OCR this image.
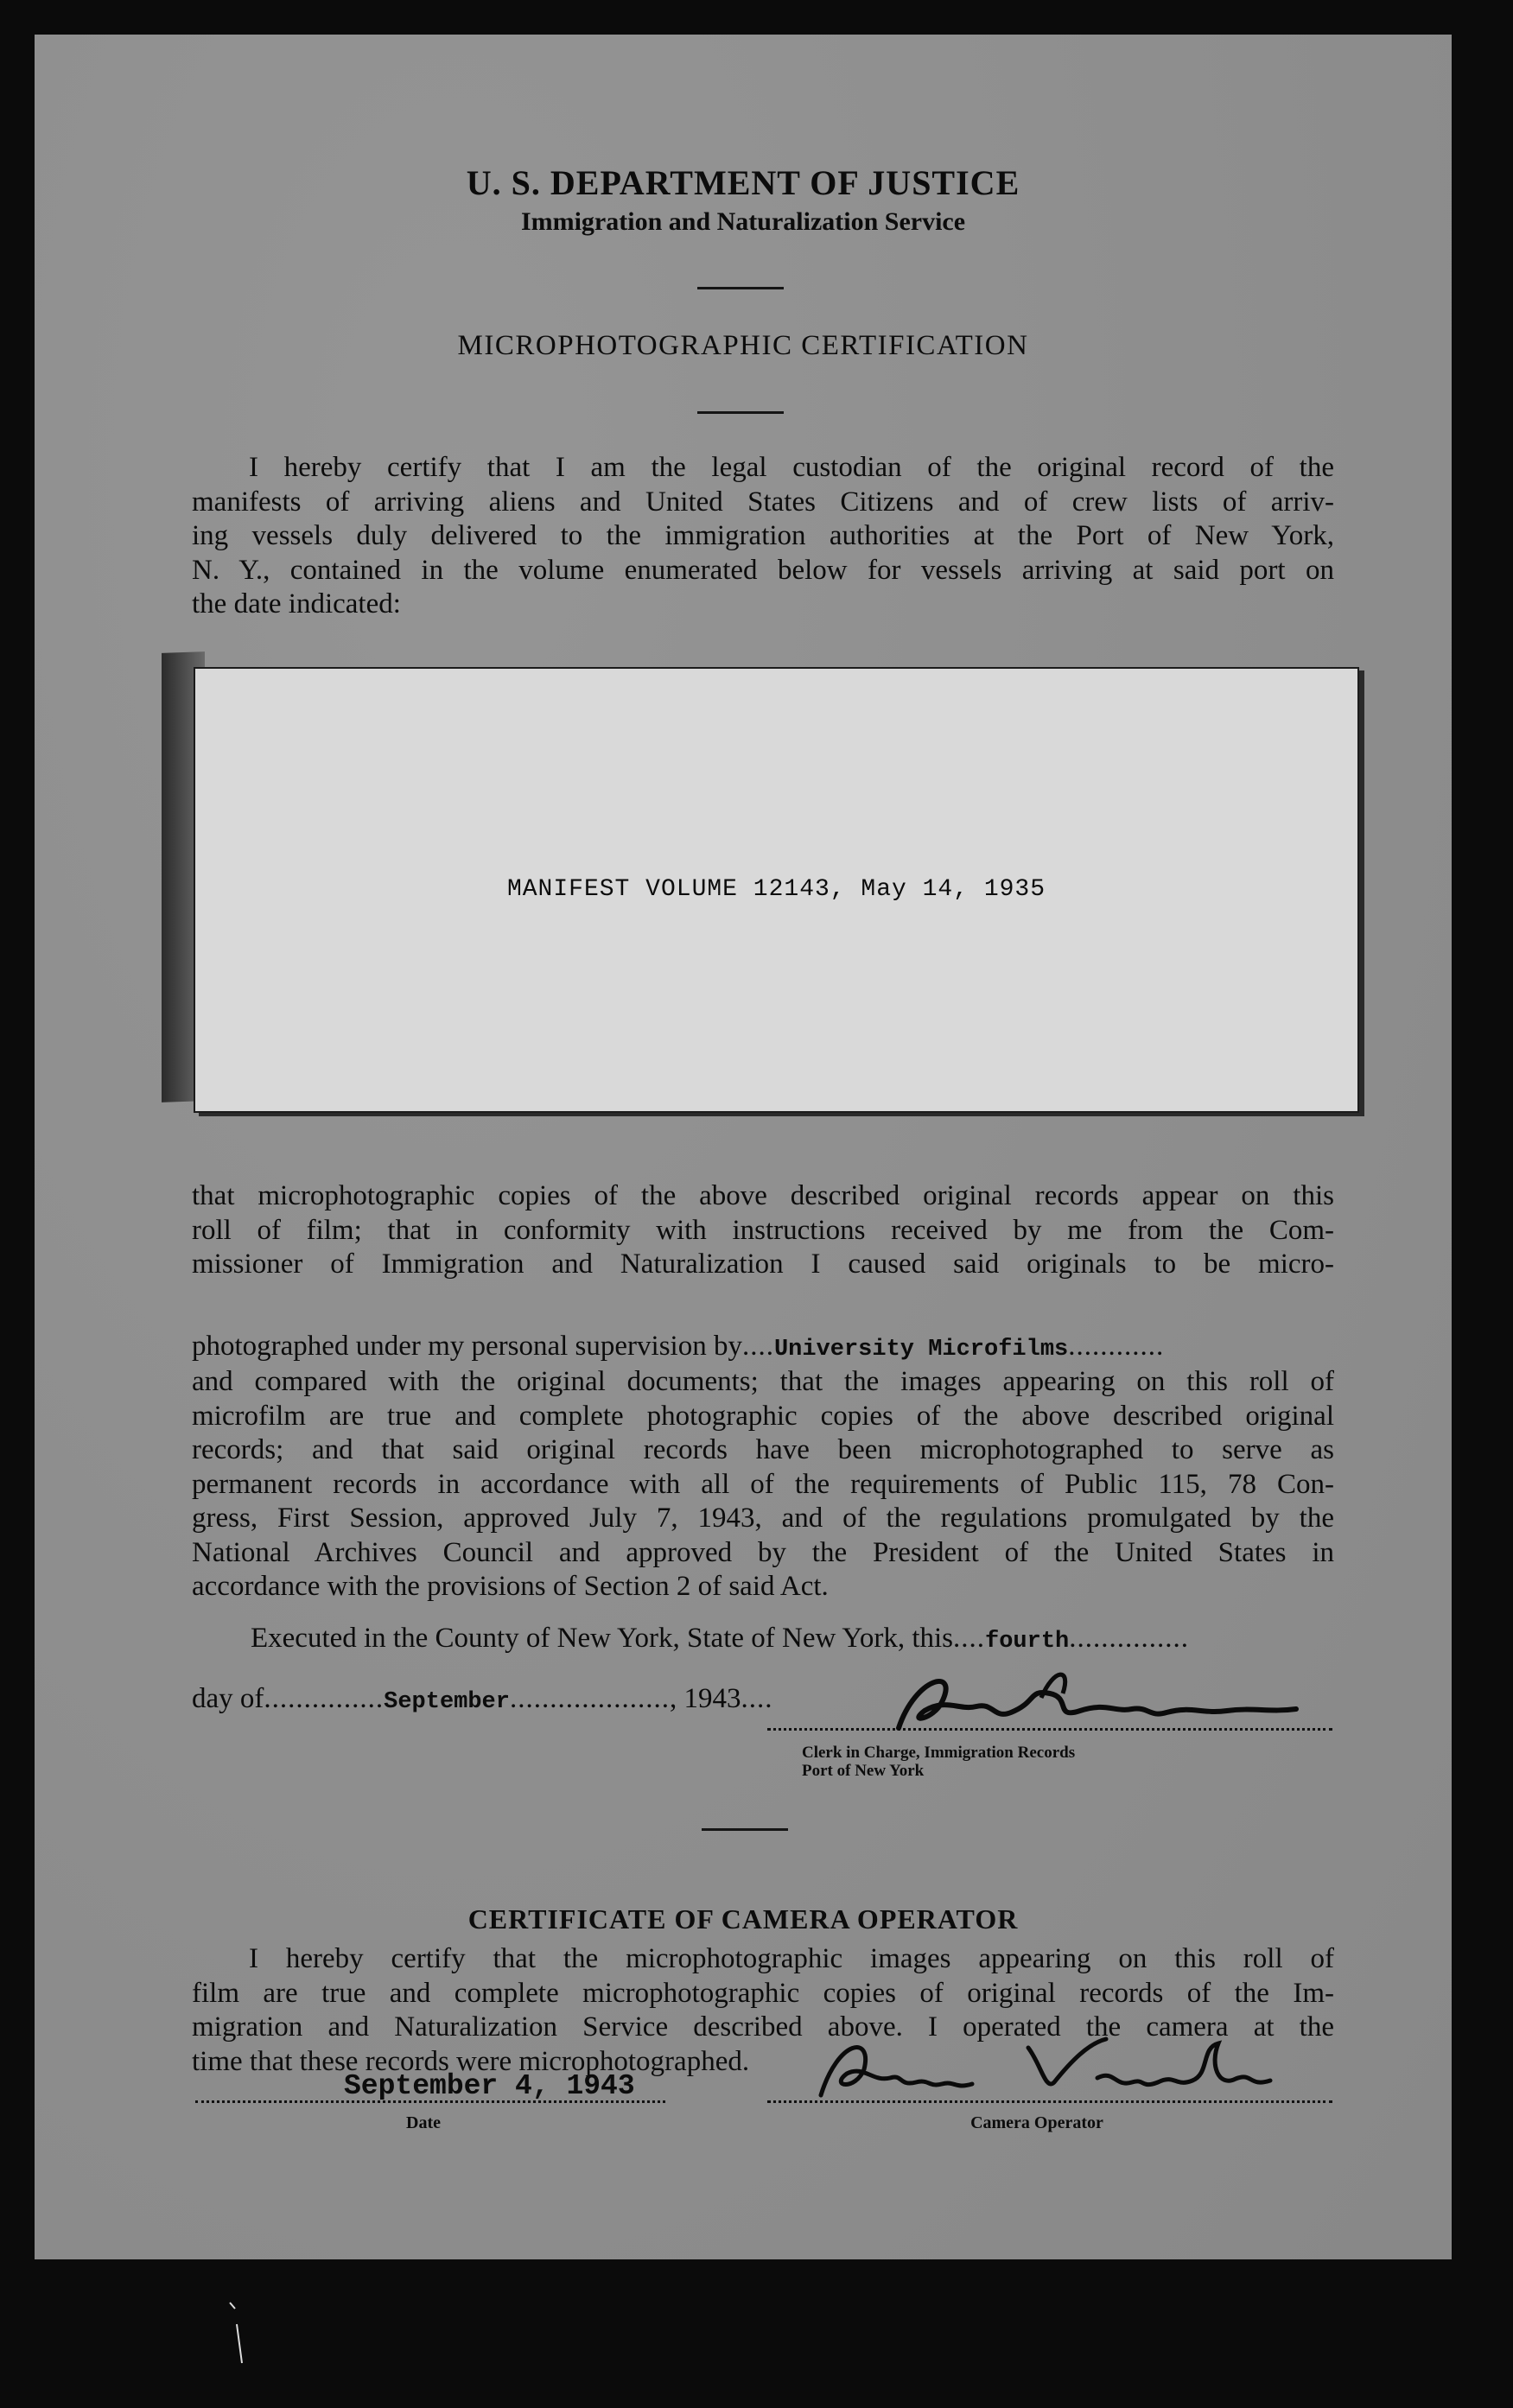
U. S. DEPARTMENT OF JUSTICE
Immigration and Naturalization Service
MICROPHOTOGRAPHIC CERTIFICATION
I hereby certify that I am the legal custodian of the original record of the
manifests of arriving aliens and United States Citizens and of crew lists of arriv-
ing vessels duly delivered to the immigration authorities at the Port of New York,
N. Y., contained in the volume enumerated below for vessels arriving at said port on
the date indicated:
MANIFEST VOLUME 12143, May 14, 1935
that microphotographic copies of the above described original records appear on this
roll of film; that in conformity with instructions received by me from the Com-
missioner of Immigration and Naturalization I caused said originals to be micro-
photographed under my personal supervision by....University Microfilms............
and compared with the original documents; that the images appearing on this roll of
microfilm are true and complete photographic copies of the above described original
records; and that said original records have been microphotographed to serve as
permanent records in accordance with all of the requirements of Public 115, 78 Con-
gress, First Session, approved July 7, 1943, and of the regulations promulgated by the
National Archives Council and approved by the President of the United States in
accordance with the provisions of Section 2 of said Act.
Executed in the County of New York, State of New York, this....fourth...............
day of...............September...................., 1943....
Clerk in Charge, Immigration Records
Port of New York
CERTIFICATE OF CAMERA OPERATOR
I hereby certify that the microphotographic images appearing on this roll of
film are true and complete microphotographic copies of original records of the Im-
migration and Naturalization Service described above. I operated the camera at the
time that these records were microphotographed.
September 4, 1943
Date	Camera Operator
